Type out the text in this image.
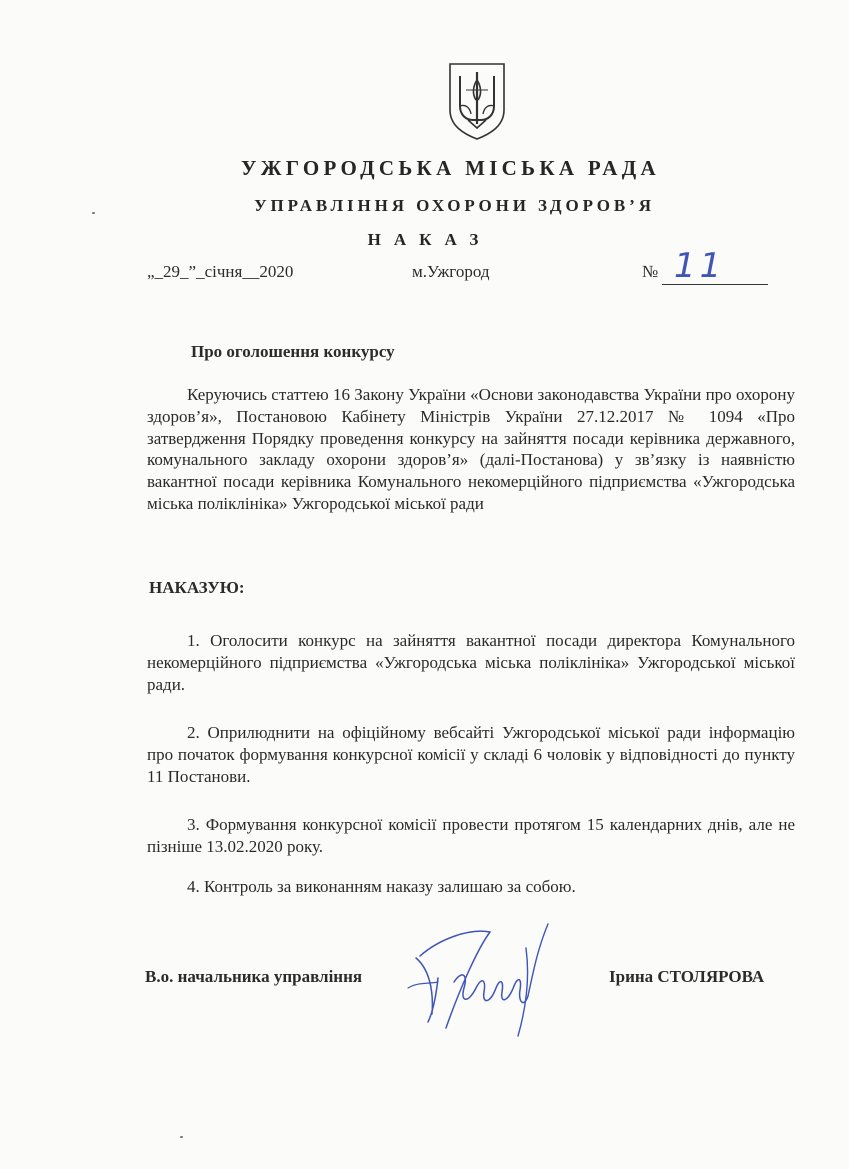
УЖГОРОДСЬКА МІСЬКА РАДА
УПРАВЛІННЯ ОХОРОНИ ЗДОРОВ’Я
НАКАЗ
„_29_”_січня__2020	м.Ужгород	№ 11
Про оголошення конкурсу

Керуючись статтею 16 Закону України «Основи законодавства України про охорону здоров’я», Постановою Кабінету Міністрів України 27.12.2017 № 1094 «Про затвердження Порядку проведення конкурсу на зайняття посади керівника державного, комунального закладу охорони здоров’я» (далі-Постанова) у зв’язку із наявністю вакантної посади керівника Комунального некомерційного підприємства «Ужгородська міська поліклініка» Ужгородської міської ради

НАКАЗУЮ:

1. Оголосити конкурс на зайняття вакантної посади директора Комунального некомерційного підприємства «Ужгородська міська поліклініка» Ужгородської міської ради.

2. Оприлюднити на офіційному вебсайті Ужгородської міської ради інформацію про початок формування конкурсної комісії у складі 6 чоловік у відповідності до пункту 11 Постанови.

3. Формування конкурсної комісії провести протягом 15 календарних днів, але не пізніше 13.02.2020 року.

4. Контроль за виконанням наказу залишаю за собою.

В.о. начальника управління	Ірина СТОЛЯРОВА
